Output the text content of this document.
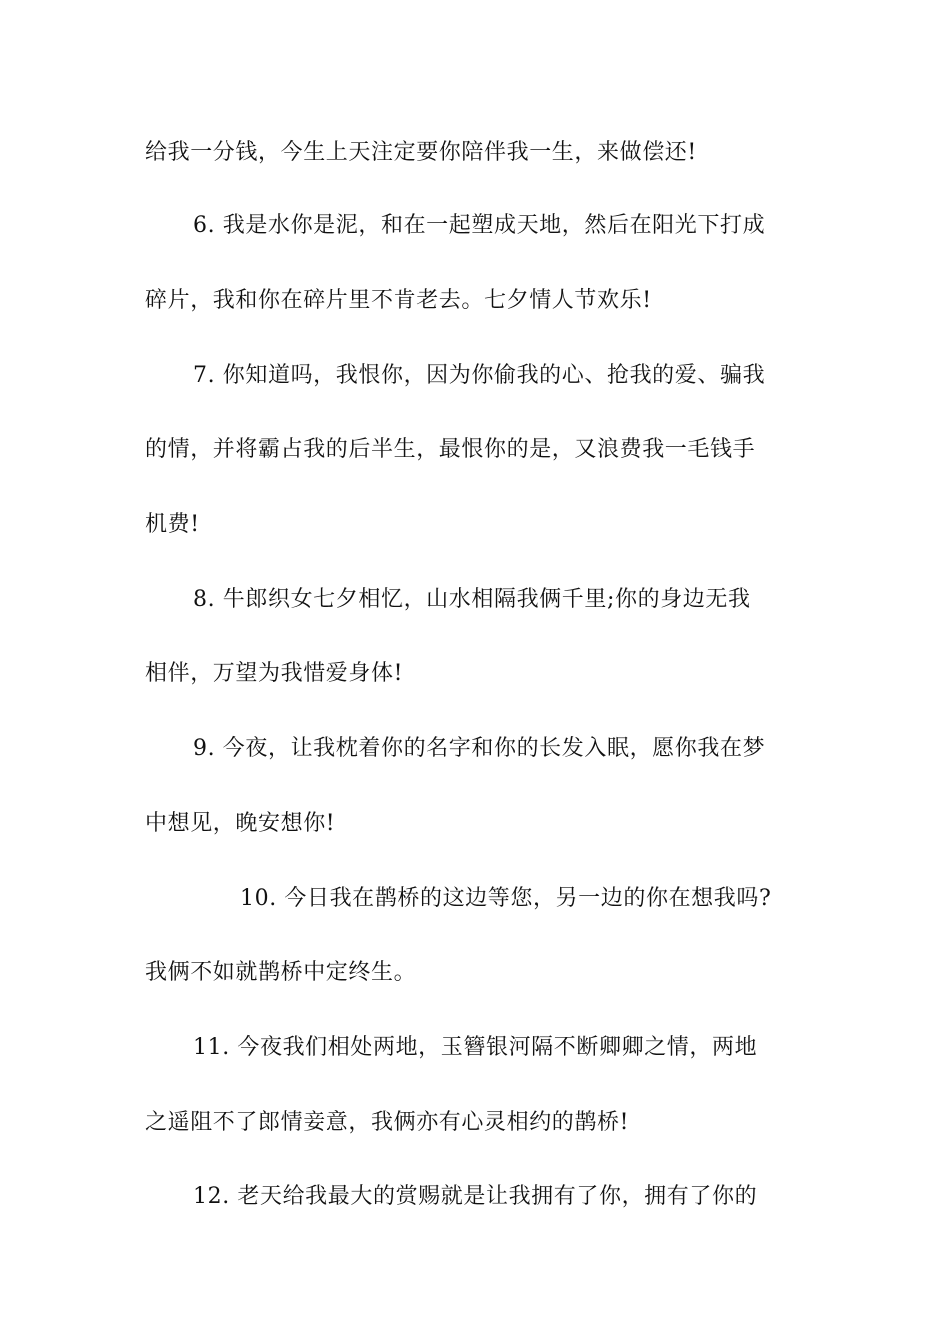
给我一分钱，今生上天注定要你陪伴我一生，来做偿还!
6. 我是水你是泥，和在一起塑成天地，然后在阳光下打成
碎片，我和你在碎片里不肯老去。七夕情人节欢乐!
7. 你知道吗，我恨你，因为你偷我的心、抢我的爱、骗我
的情，并将霸占我的后半生，最恨你的是，又浪费我一毛钱手
机费!
8. 牛郎织女七夕相忆，山水相隔我俩千里;你的身边无我
相伴，万望为我惜爱身体!
9. 今夜，让我枕着你的名字和你的长发入眠，愿你我在梦
中想见，晚安想你!
10. 今日我在鹊桥的这边等您，另一边的你在想我吗?
我俩不如就鹊桥中定终生。
11. 今夜我们相处两地，玉簪银河隔不断卿卿之情，两地
之遥阻不了郎情妾意，我俩亦有心灵相约的鹊桥!
12. 老天给我最大的赏赐就是让我拥有了你，拥有了你的
